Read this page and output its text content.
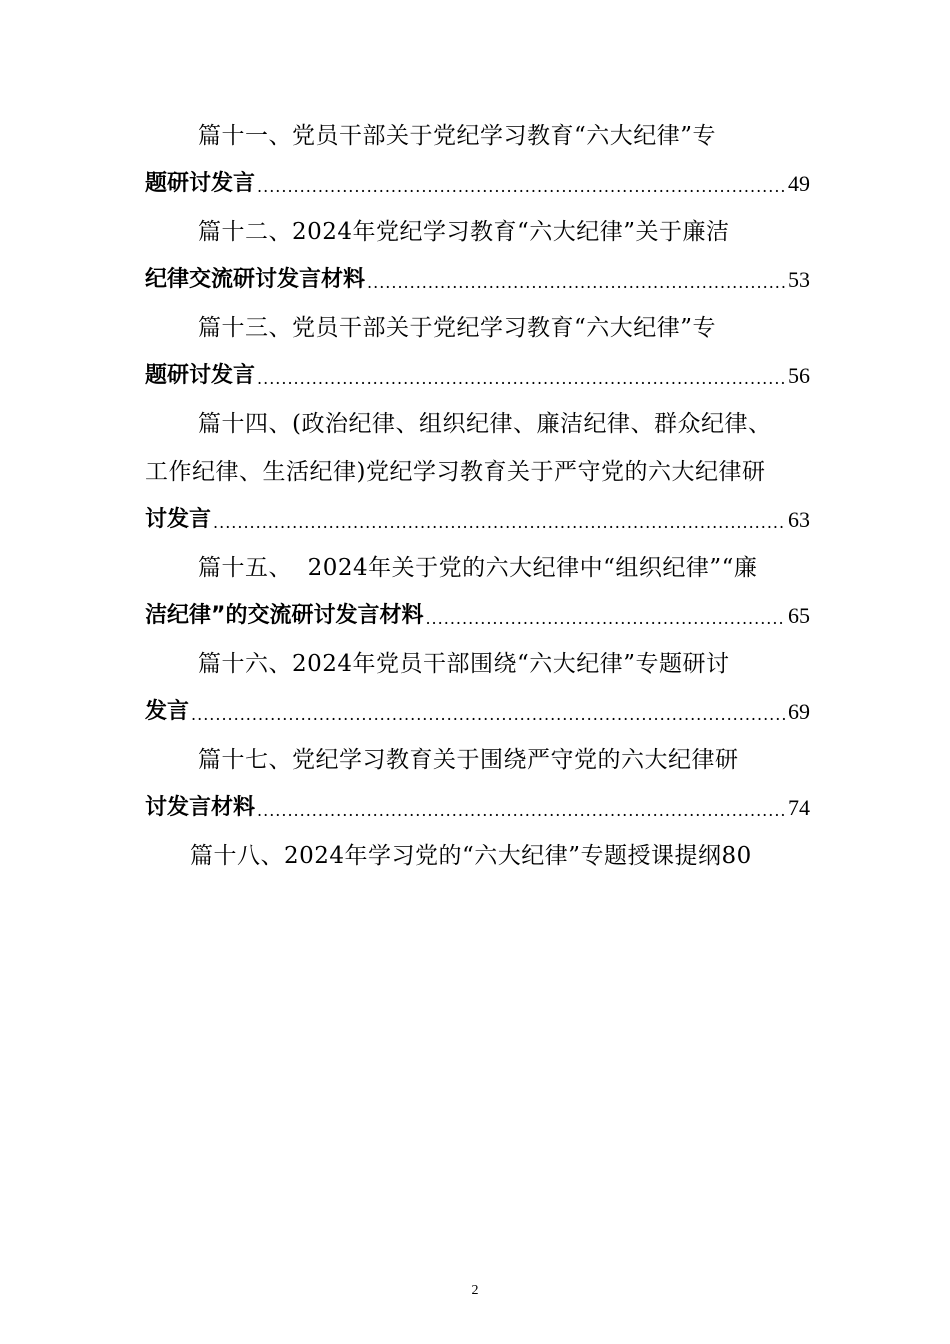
篇十一、党员干部关于党纪学习教育“六大纪律”专
题研讨发言 .....	49
篇十二、2024年党纪学习教育“六大纪律”关于廉洁
纪律交流研讨发言材料 .....	53
篇十三、党员干部关于党纪学习教育“六大纪律”专
题研讨发言 .....	56
篇十四、(政治纪律、组织纪律、廉洁纪律、群众纪律、
工作纪律、生活纪律)党纪学习教育关于严守党的六大纪律研
讨发言 .....	63
篇十五、  2024年关于党的六大纪律中“组织纪律”“廉
洁纪律”的交流研讨发言材料 .....	65
篇十六、2024年党员干部围绕“六大纪律”专题研讨
发言 .....	69
篇十七、党纪学习教育关于围绕严守党的六大纪律研
讨发言材料 .....	74
篇十八、2024年学习党的“六大纪律”专题授课提纲80
2
